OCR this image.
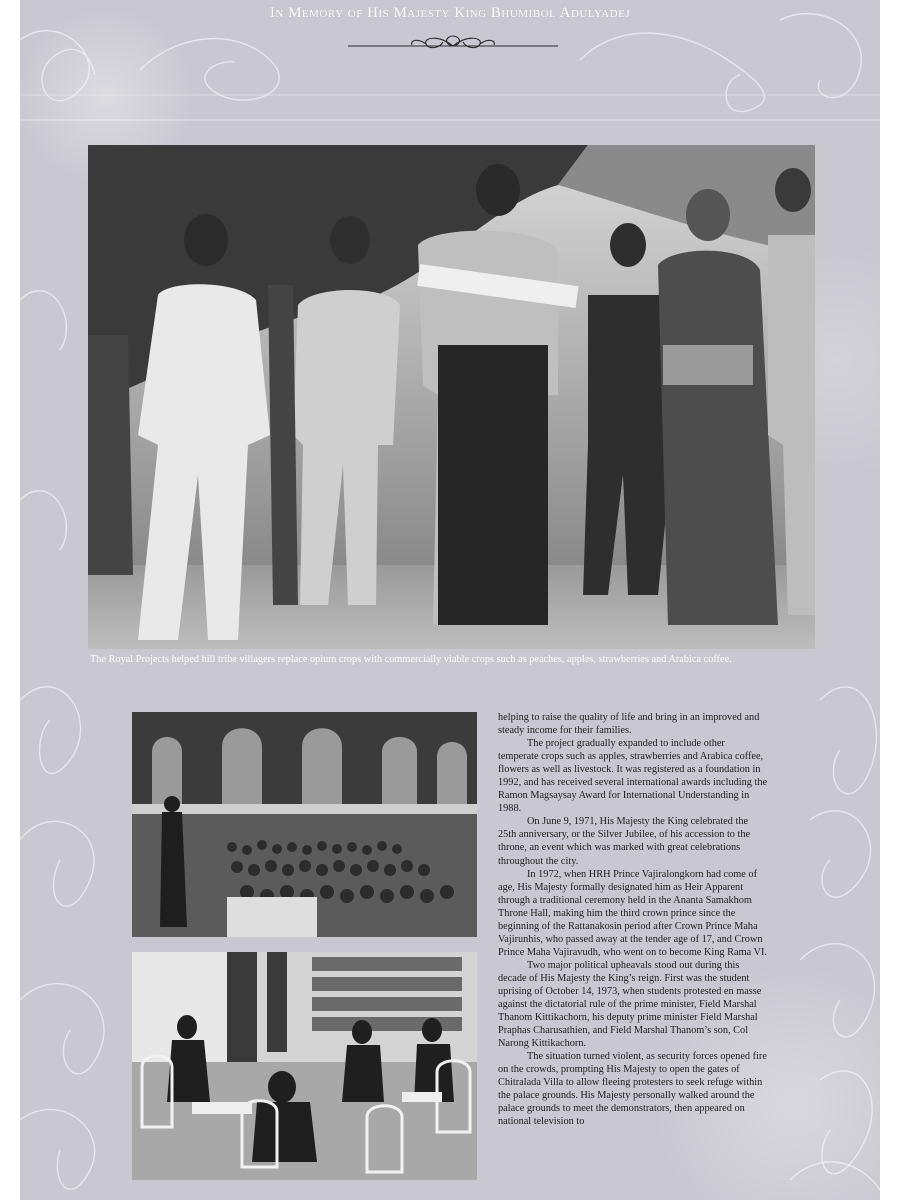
In Memory of His Majesty King Bhumibol Adulyadej
The Royal Projects helped hill tribe villagers replace opium crops with commercially viable crops such as peaches, apples, strawberries and Arabica coffee.

helping to raise the quality of life and bring in an improved and steady income for their families.

The project gradually expanded to include other temperate crops such as apples, strawberries and Arabica coffee, flowers as well as livestock. It was registered as a foundation in 1992, and has received several international awards including the Ramon Magsaysay Award for International Understanding in 1988.

On June 9, 1971, His Majesty the King celebrated the 25th anniversary, or the Silver Jubilee, of his accession to the throne, an event which was marked with great celebrations throughout the city.

In 1972, when HRH Prince Vajiralongkorn had come of age, His Majesty formally designated him as Heir Apparent through a traditional ceremony held in the Ananta Samakhom Throne Hall, making him the third crown prince since the beginning of the Rattanakosin period after Crown Prince Maha Vajirunhis, who passed away at the tender age of 17, and Crown Prince Maha Vajiravudh, who went on to become King Rama VI.

Two major political upheavals stood out during this decade of His Majesty the King’s reign. First was the student uprising of October 14, 1973, when students protested en masse against the dictatorial rule of the prime minister, Field Marshal Thanom Kittikachorn, his deputy prime minister Field Marshal Praphas Charusathien, and Field Marshal Thanom’s son, Col Narong Kittikachorn.

The situation turned violent, as security forces opened fire on the crowds, prompting His Majesty to open the gates of Chitralada Villa to allow fleeing protesters to seek refuge within the palace grounds. His Majesty personally walked around the palace grounds to meet the demonstrators, then appeared on national television to
